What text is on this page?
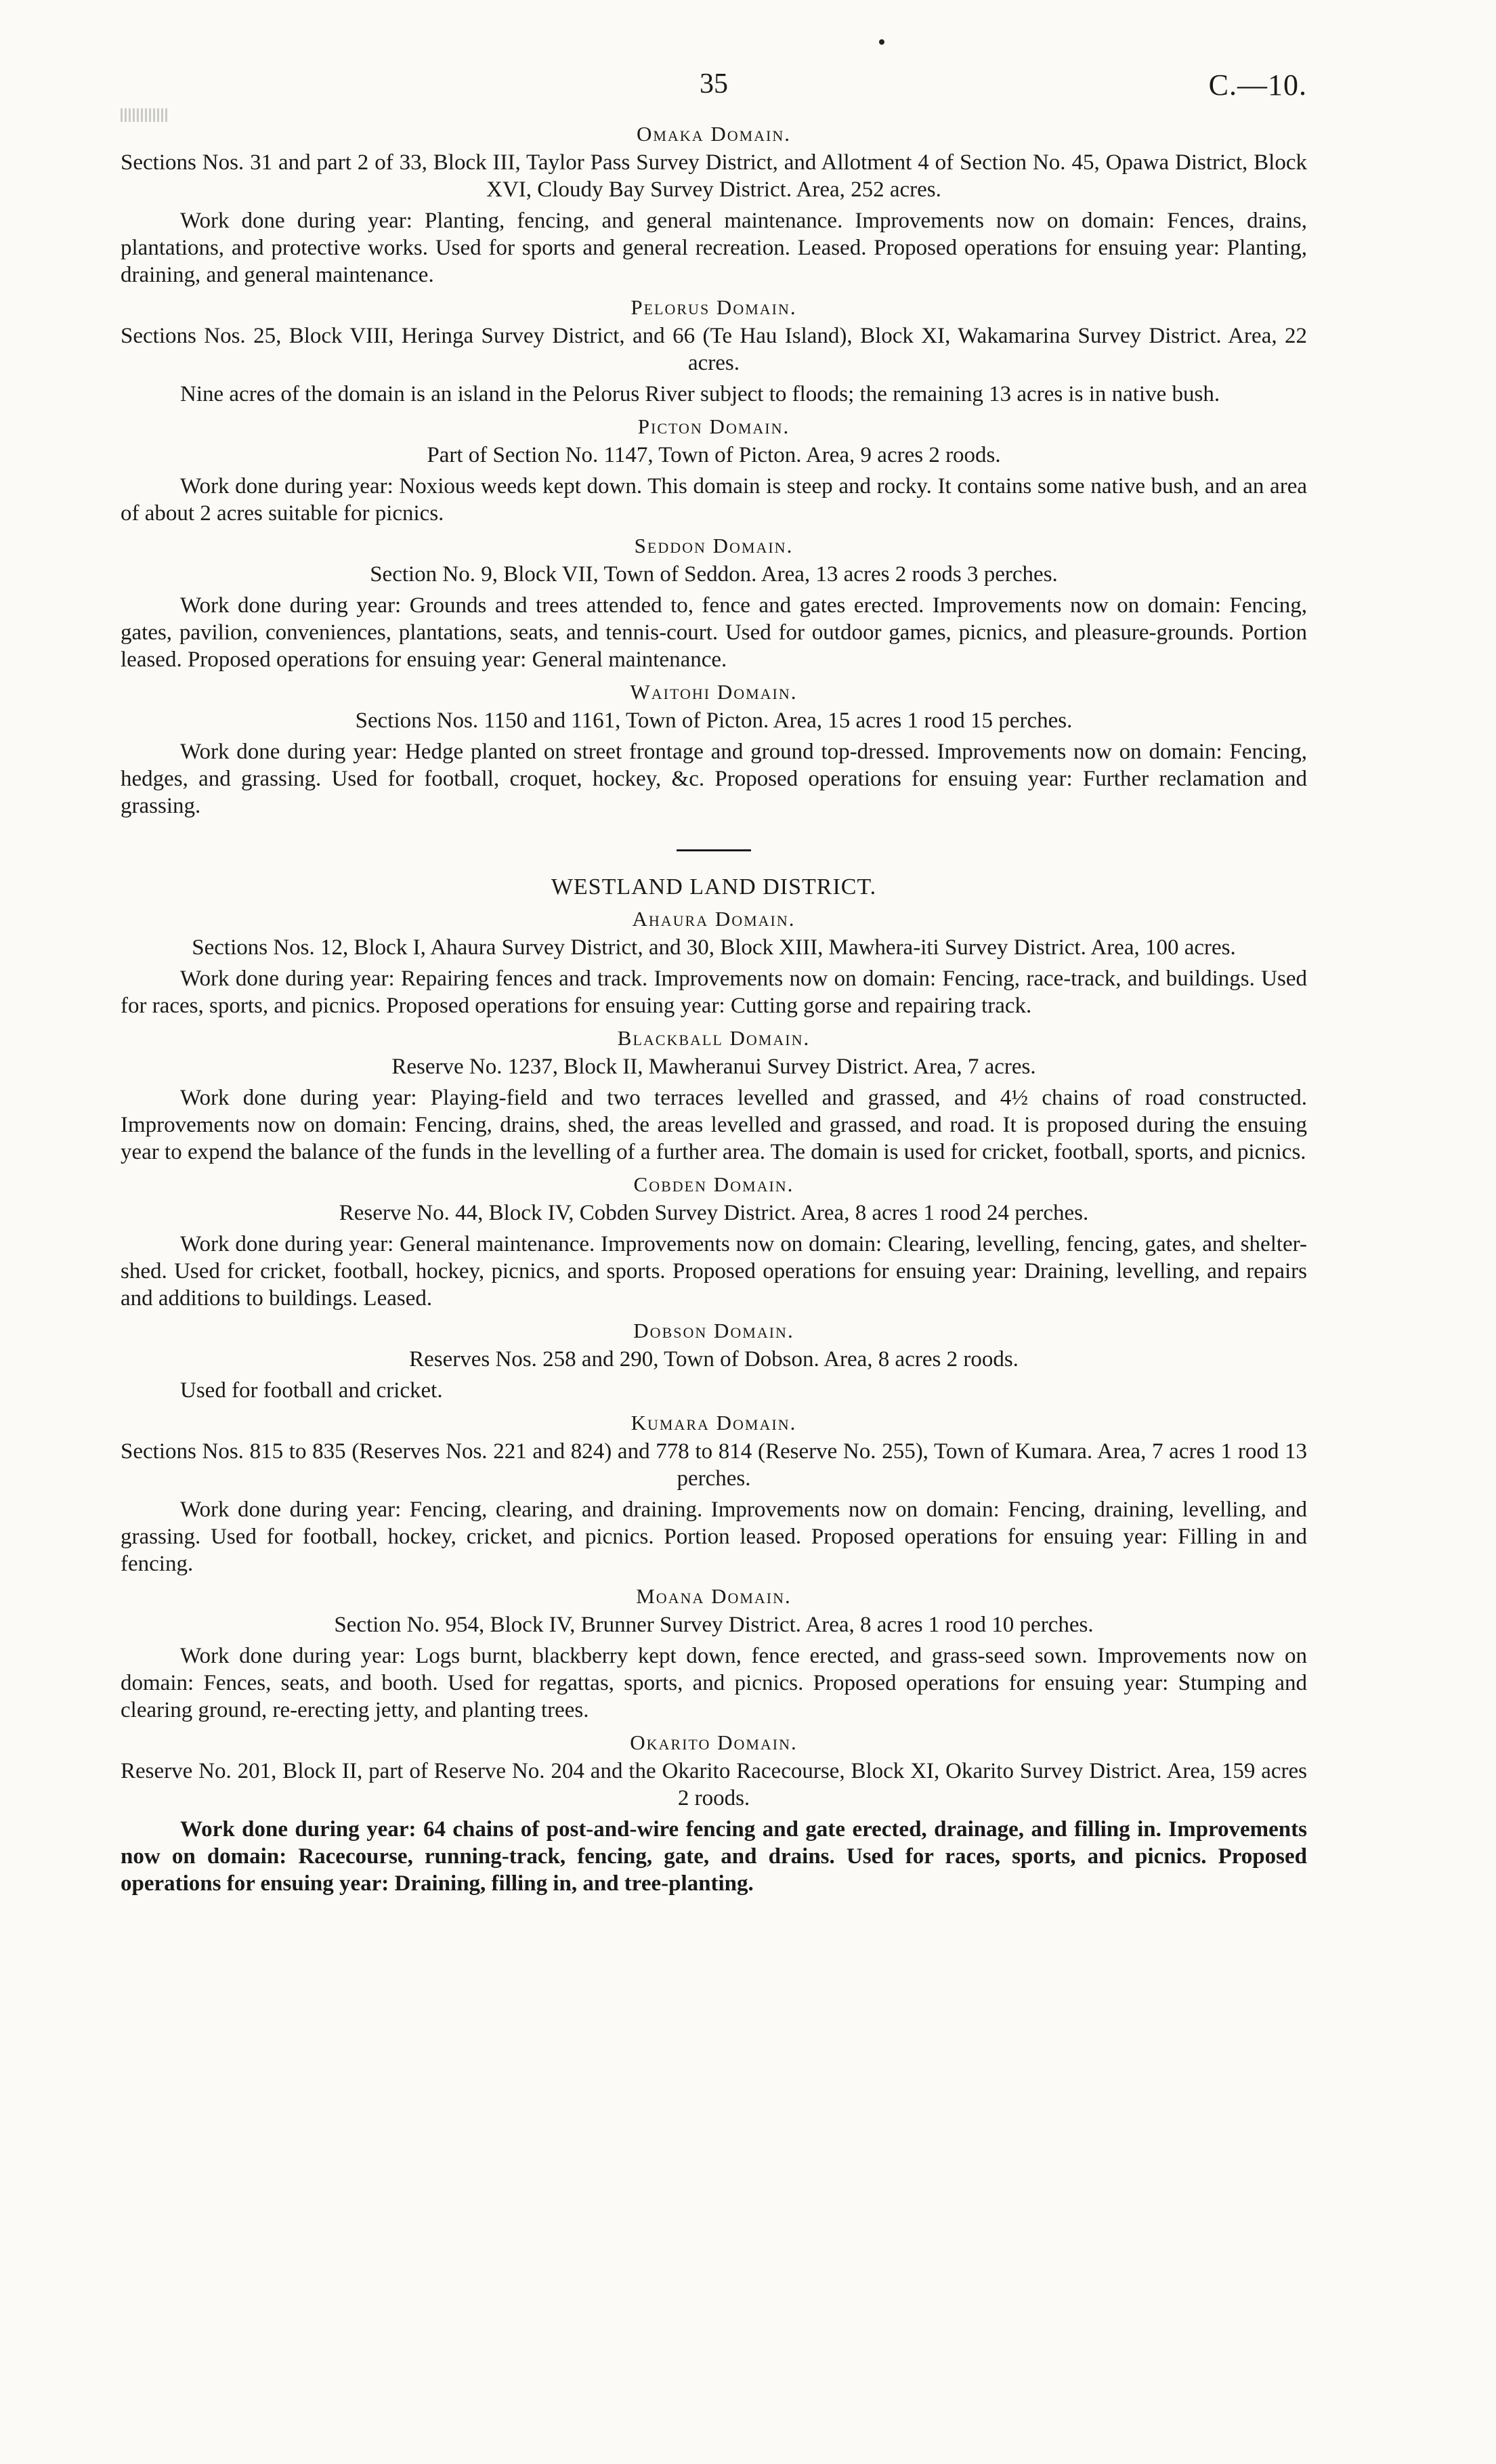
35	C.—10.
Omaka Domain.
Sections Nos. 31 and part 2 of 33, Block III, Taylor Pass Survey District, and Allotment 4 of Section No. 45, Opawa District, Block XVI, Cloudy Bay Survey District. Area, 252 acres.
Work done during year: Planting, fencing, and general maintenance. Improvements now on domain: Fences, drains, plantations, and protective works. Used for sports and general recreation. Leased. Proposed operations for ensuing year: Planting, draining, and general maintenance.
Pelorus Domain.
Sections Nos. 25, Block VIII, Heringa Survey District, and 66 (Te Hau Island), Block XI, Wakamarina Survey District. Area, 22 acres.
Nine acres of the domain is an island in the Pelorus River subject to floods; the remaining 13 acres is in native bush.
Picton Domain.
Part of Section No. 1147, Town of Picton. Area, 9 acres 2 roods.
Work done during year: Noxious weeds kept down. This domain is steep and rocky. It contains some native bush, and an area of about 2 acres suitable for picnics.
Seddon Domain.
Section No. 9, Block VII, Town of Seddon. Area, 13 acres 2 roods 3 perches.
Work done during year: Grounds and trees attended to, fence and gates erected. Improvements now on domain: Fencing, gates, pavilion, conveniences, plantations, seats, and tennis-court. Used for outdoor games, picnics, and pleasure-grounds. Portion leased. Proposed operations for ensuing year: General maintenance.
Waitohi Domain.
Sections Nos. 1150 and 1161, Town of Picton. Area, 15 acres 1 rood 15 perches.
Work done during year: Hedge planted on street frontage and ground top-dressed. Improvements now on domain: Fencing, hedges, and grassing. Used for football, croquet, hockey, &c. Proposed operations for ensuing year: Further reclamation and grassing.
WESTLAND LAND DISTRICT.
Ahaura Domain.
Sections Nos. 12, Block I, Ahaura Survey District, and 30, Block XIII, Mawhera-iti Survey District. Area, 100 acres.
Work done during year: Repairing fences and track. Improvements now on domain: Fencing, race-track, and buildings. Used for races, sports, and picnics. Proposed operations for ensuing year: Cutting gorse and repairing track.
Blackball Domain.
Reserve No. 1237, Block II, Mawheranui Survey District. Area, 7 acres.
Work done during year: Playing-field and two terraces levelled and grassed, and 4½ chains of road constructed. Improvements now on domain: Fencing, drains, shed, the areas levelled and grassed, and road. It is proposed during the ensuing year to expend the balance of the funds in the levelling of a further area. The domain is used for cricket, football, sports, and picnics.
Cobden Domain.
Reserve No. 44, Block IV, Cobden Survey District. Area, 8 acres 1 rood 24 perches.
Work done during year: General maintenance. Improvements now on domain: Clearing, levelling, fencing, gates, and shelter-shed. Used for cricket, football, hockey, picnics, and sports. Proposed operations for ensuing year: Draining, levelling, and repairs and additions to buildings. Leased.
Dobson Domain.
Reserves Nos. 258 and 290, Town of Dobson. Area, 8 acres 2 roods.
Used for football and cricket.
Kumara Domain.
Sections Nos. 815 to 835 (Reserves Nos. 221 and 824) and 778 to 814 (Reserve No. 255), Town of Kumara. Area, 7 acres 1 rood 13 perches.
Work done during year: Fencing, clearing, and draining. Improvements now on domain: Fencing, draining, levelling, and grassing. Used for football, hockey, cricket, and picnics. Portion leased. Proposed operations for ensuing year: Filling in and fencing.
Moana Domain.
Section No. 954, Block IV, Brunner Survey District. Area, 8 acres 1 rood 10 perches.
Work done during year: Logs burnt, blackberry kept down, fence erected, and grass-seed sown. Improvements now on domain: Fences, seats, and booth. Used for regattas, sports, and picnics. Proposed operations for ensuing year: Stumping and clearing ground, re-erecting jetty, and planting trees.
Okarito Domain.
Reserve No. 201, Block II, part of Reserve No. 204 and the Okarito Racecourse, Block XI, Okarito Survey District. Area, 159 acres 2 roods.
Work done during year: 64 chains of post-and-wire fencing and gate erected, drainage, and filling in. Improvements now on domain: Racecourse, running-track, fencing, gate, and drains. Used for races, sports, and picnics. Proposed operations for ensuing year: Draining, filling in, and tree-planting.
